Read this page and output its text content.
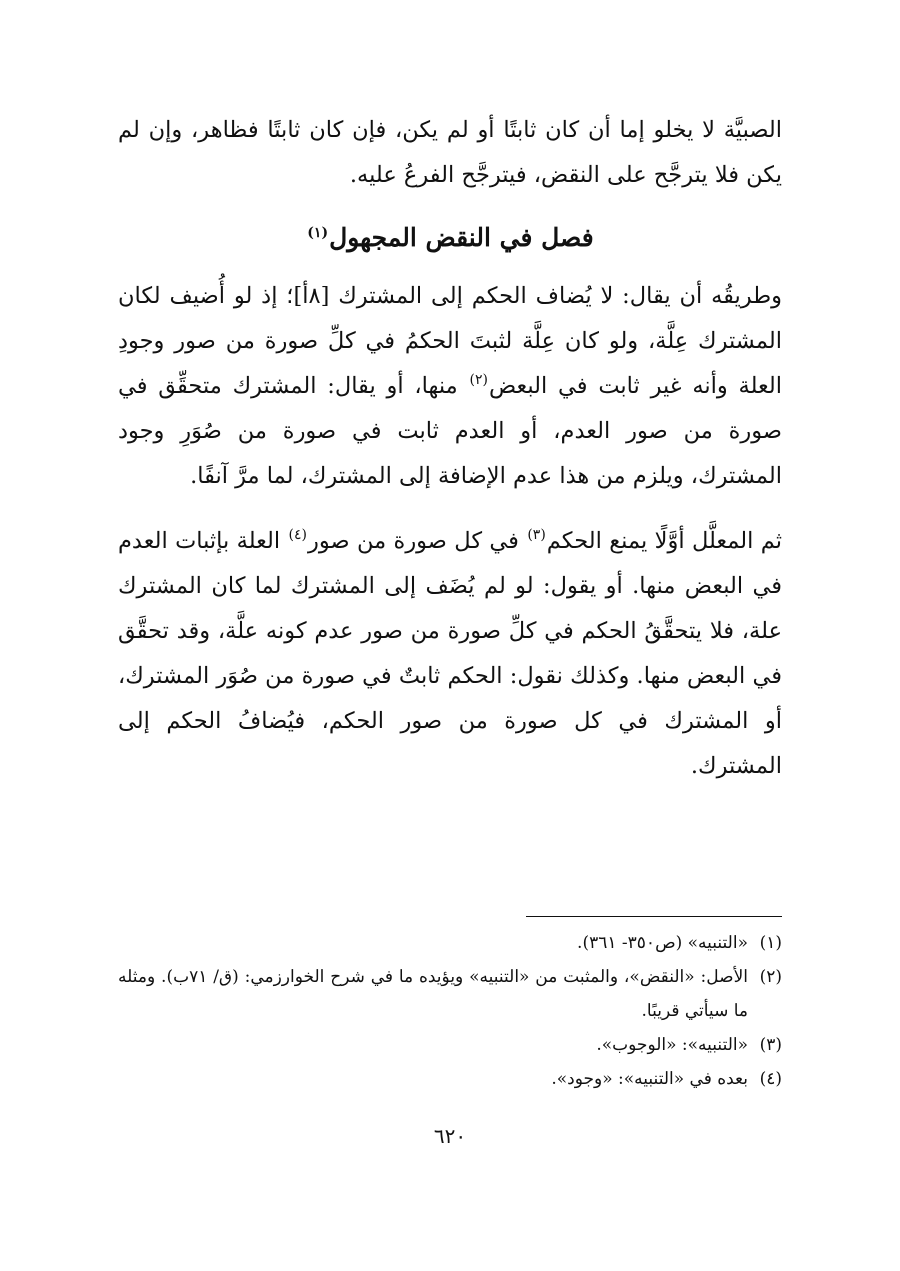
الصبيَّة لا يخلو إما أن كان ثابتًا أو لم يكن، فإن كان ثابتًا فظاهر، وإن لم يكن فلا يترجَّح على النقض، فيترجَّح الفرعُ عليه.

فصل في النقض المجهول$^{(١)}$

وطريقُه أن يقال: لا يُضاف الحكم إلى المشترك [٨أ]؛ إذ لو أُضيف لكان المشترك عِلَّة، ولو كان عِلَّة لثبتَ الحكمُ في كلِّ صورة من صور وجودِ العلة وأنه غير ثابت في البعض$^{(٢)}$ منها، أو يقال: المشترك متحقِّق في صورة من صور العدم، أو العدم ثابت في صورة من صُوَرِ وجود المشترك، ويلزم من هذا عدم الإضافة إلى المشترك، لما مرَّ آنفًا.

ثم المعلَّل أوَّلًا يمنع الحكم$^{(٣)}$ في كل صورة من صور$^{(٤)}$ العلة بإثبات العدم في البعض منها. أو يقول: لو لم يُضَف إلى المشترك لما كان المشترك علة، فلا يتحقَّقُ الحكم في كلِّ صورة من صور عدم كونه علَّة، وقد تحقَّق في البعض منها. وكذلك نقول: الحكم ثابتٌ في صورة من صُوَر المشترك، أو المشترك في كل صورة من صور الحكم، فيُضافُ الحكم إلى المشترك.

(١)
«التنبيه» (ص٣٥٠- ٣٦١).
(٢)
الأصل: «النقض»، والمثبت من «التنبيه» ويؤيده ما في شرح الخوارزمي: (ق/ ٧١ب). ومثله ما سيأتي قريبًا.
(٣)
«التنبيه»: «الوجوب».
(٤)
بعده في «التنبيه»: «وجود».
٦٢٠
